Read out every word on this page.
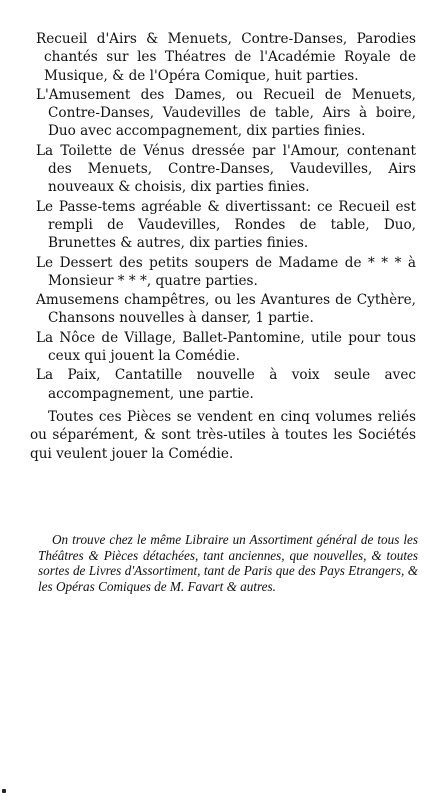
Recueil d'Airs & Menuets, Contre-Danses, Parodies chantés sur les Théatres de l'Académie Royale de Musique, & de l'Opéra Comique, huit parties.

L'Amusement des Dames, ou Recueil de Menuets, Contre-Danses, Vaudevilles de table, Airs à boire, Duo avec accompagnement, dix parties finies.

La Toilette de Vénus dressée par l'Amour, contenant des Menuets, Contre-Danses, Vaudevilles, Airs nouveaux & choisis, dix parties finies.

Le Passe-tems agréable & divertissant: ce Recueil est rempli de Vaudevilles, Rondes de table, Duo, Brunettes & autres, dix parties finies.

Le Dessert des petits soupers de Madame de * * * à Monsieur * * *, quatre parties.

Amusemens champêtres, ou les Avantures de Cythère, Chansons nouvelles à danser, 1 partie.

La Nôce de Village, Ballet-Pantomine, utile pour tous ceux qui jouent la Comédie.

La Paix, Cantatille nouvelle à voix seule avec accompagnement, une partie.

Toutes ces Pièces se vendent en cinq volumes reliés ou séparément, & sont très-utiles à toutes les Sociétés qui veulent jouer la Comédie.

On trouve chez le même Libraire un Assortiment général de tous les Théâtres & Pièces détachées, tant anciennes, que nouvelles, & toutes sortes de Livres d'Assortiment, tant de Paris que des Pays Etrangers, & les Opéras Comiques de M. Favart & autres.
